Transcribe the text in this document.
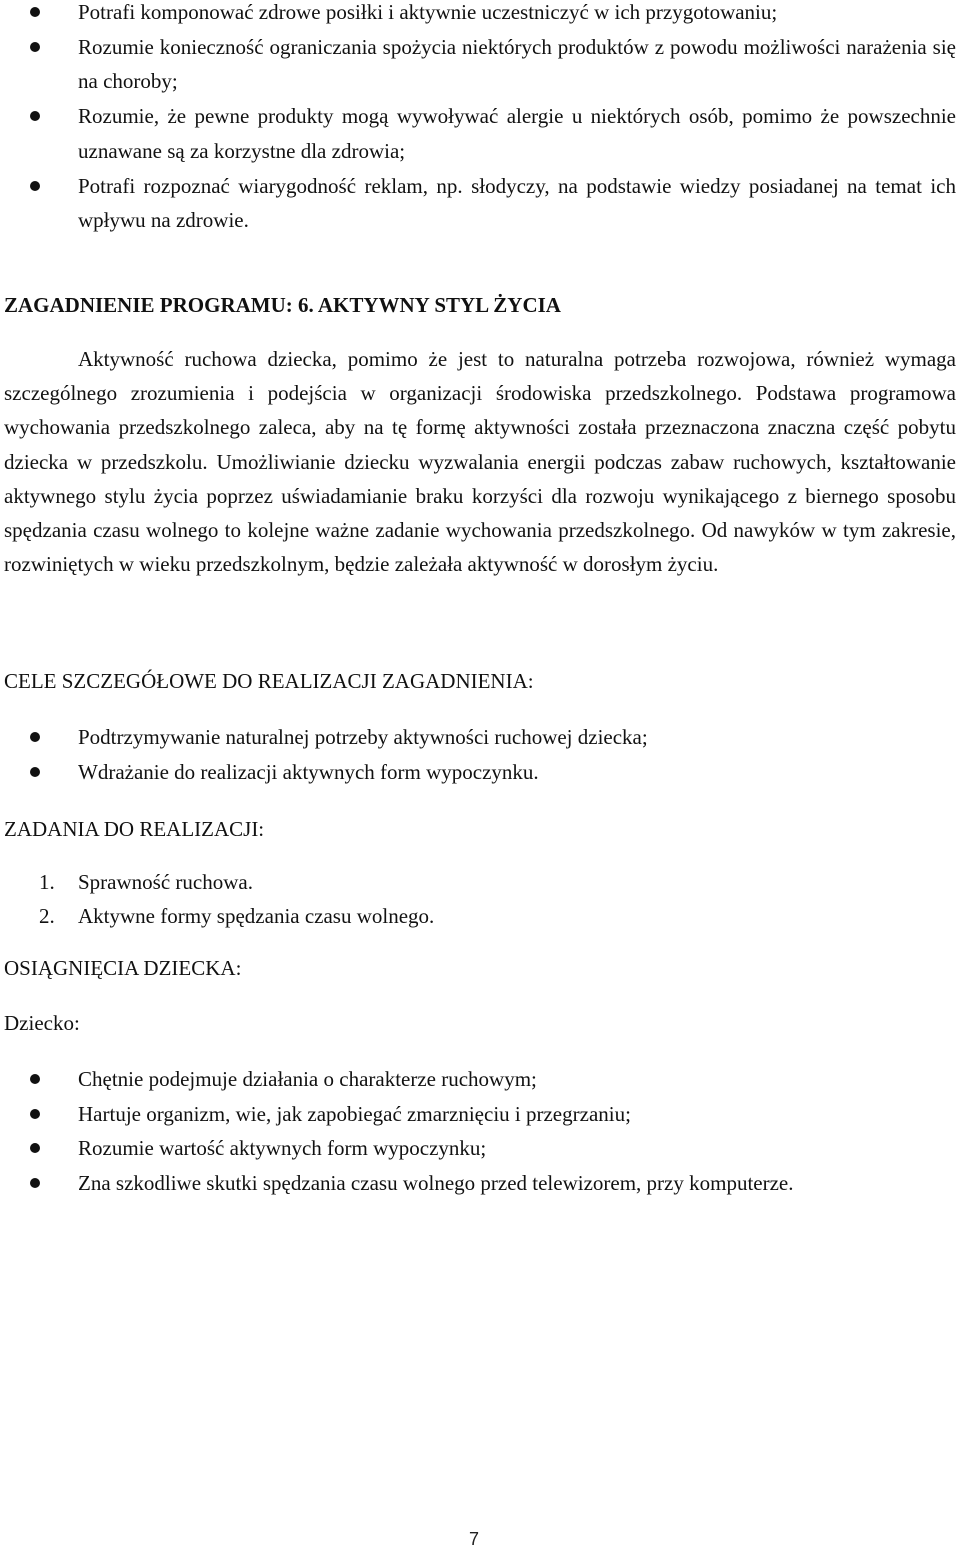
Potrafi komponować zdrowe posiłki i aktywnie uczestniczyć w ich przygotowaniu;
Rozumie konieczność ograniczania spożycia niektórych produktów z powodu możliwości narażenia się na choroby;
Rozumie, że pewne produkty mogą wywoływać alergie u niektórych osób, pomimo że powszechnie uznawane są za korzystne dla zdrowia;
Potrafi rozpoznać wiarygodność reklam, np. słodyczy, na podstawie wiedzy posiadanej na temat ich wpływu na zdrowie.
ZAGADNIENIE PROGRAMU: 6. AKTYWNY STYL ŻYCIA

Aktywność ruchowa dziecka, pomimo że jest to naturalna potrzeba rozwojowa, również wymaga szczególnego zrozumienia i podejścia w organizacji środowiska przedszkolnego. Podstawa programowa wychowania przedszkolnego zaleca, aby na tę formę aktywności została przeznaczona znaczna część pobytu dziecka w przedszkolu. Umożliwianie dziecku wyzwalania energii podczas zabaw ruchowych, kształtowanie aktywnego stylu życia poprzez uświadamianie braku korzyści dla rozwoju wynikającego z biernego sposobu spędzania czasu wolnego to kolejne ważne zadanie wychowania przedszkolnego. Od nawyków w tym zakresie, rozwiniętych w wieku przedszkolnym, będzie zależała aktywność w dorosłym życiu.

CELE SZCZEGÓŁOWE DO REALIZACJI ZAGADNIENIA:
Podtrzymywanie naturalnej potrzeby aktywności ruchowej dziecka;
Wdrażanie do realizacji aktywnych form wypoczynku.
ZADANIA DO REALIZACJI:
1. Sprawność ruchowa.
2. Aktywne formy spędzania czasu wolnego.
OSIĄGNIĘCIA DZIECKA:
Dziecko:
Chętnie podejmuje działania o charakterze ruchowym;
Hartuje organizm, wie, jak zapobiegać zmarznięciu i przegrzaniu;
Rozumie wartość aktywnych form wypoczynku;
Zna szkodliwe skutki spędzania czasu wolnego przed telewizorem, przy komputerze.
7
